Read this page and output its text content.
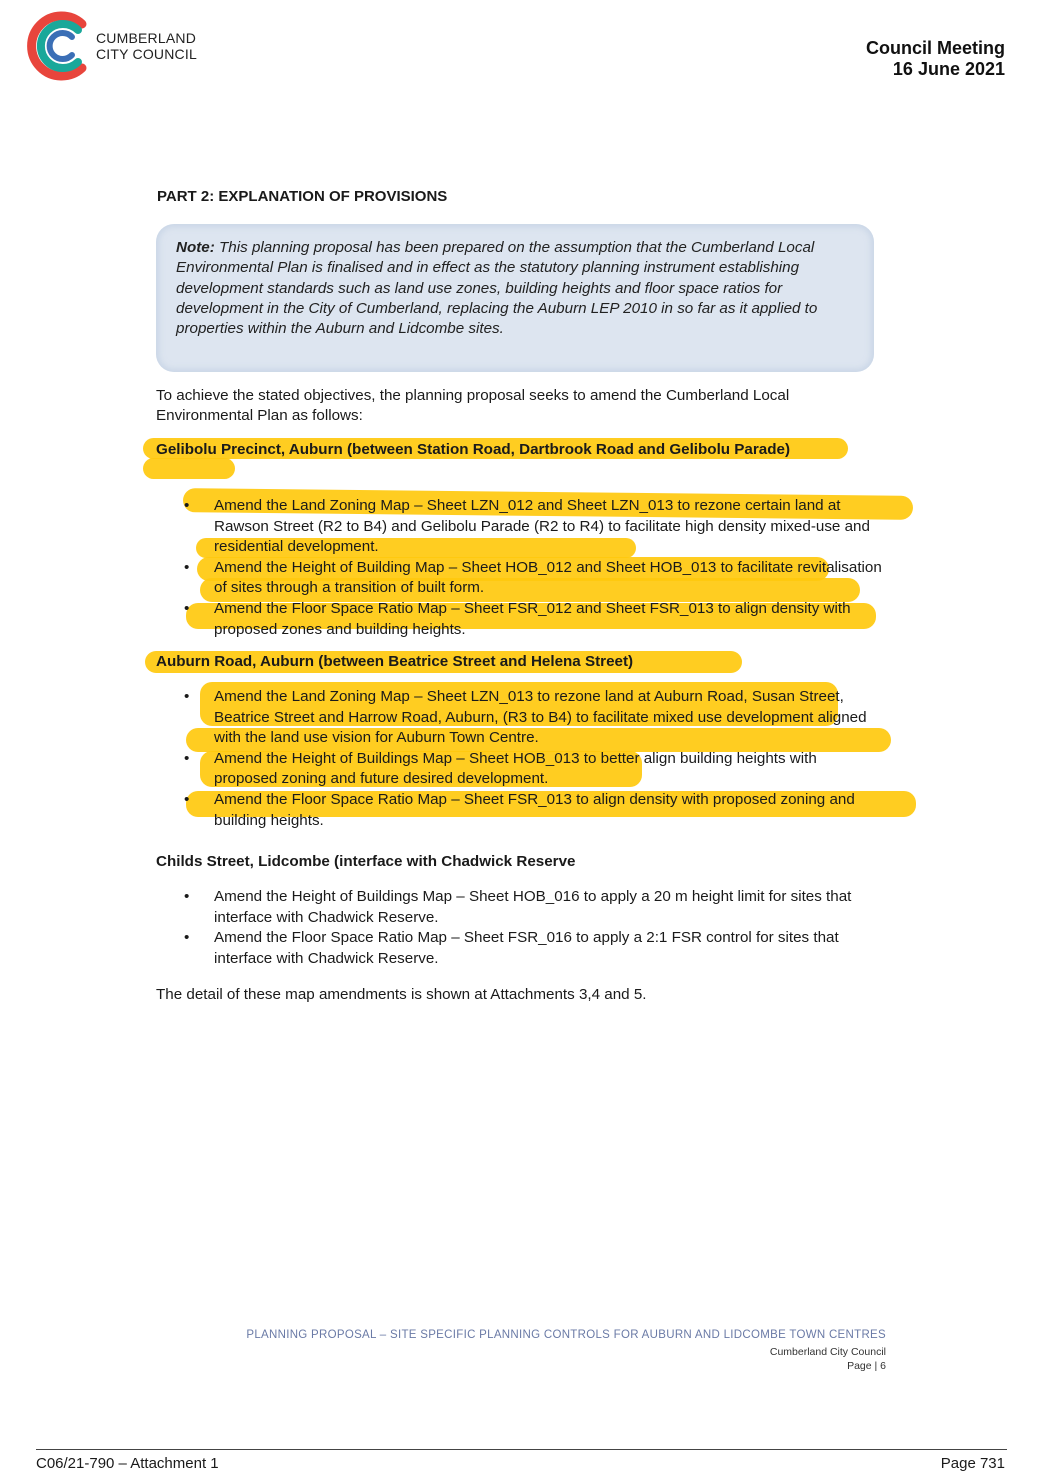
CUMBERLAND
CITY COUNCIL	Council Meeting
16 June 2021
PART 2: EXPLANATION OF PROVISIONS
Note: This planning proposal has been prepared on the assumption that the Cumberland Local Environmental Plan is finalised and in effect as the statutory planning instrument establishing development standards such as land use zones, building heights and floor space ratios for development in the City of Cumberland, replacing the Auburn LEP 2010 in so far as it applied to properties within the Auburn and Lidcombe sites.
To achieve the stated objectives, the planning proposal seeks to amend the Cumberland Local Environmental Plan as follows:
Gelibolu Precinct, Auburn (between Station Road, Dartbrook Road and Gelibolu Parade)
• Amend the Land Zoning Map – Sheet LZN_012 and Sheet LZN_013 to rezone certain land at Rawson Street (R2 to B4) and Gelibolu Parade (R2 to R4) to facilitate high density mixed-use and residential development.
• Amend the Height of Building Map – Sheet HOB_012 and Sheet HOB_013 to facilitate revitalisation of sites through a transition of built form.
• Amend the Floor Space Ratio Map – Sheet FSR_012 and Sheet FSR_013 to align density with proposed zones and building heights.
Auburn Road, Auburn (between Beatrice Street and Helena Street)
• Amend the Land Zoning Map – Sheet LZN_013 to rezone land at Auburn Road, Susan Street, Beatrice Street and Harrow Road, Auburn, (R3 to B4) to facilitate mixed use development aligned with the land use vision for Auburn Town Centre.
• Amend the Height of Buildings Map – Sheet HOB_013 to better align building heights with proposed zoning and future desired development.
• Amend the Floor Space Ratio Map – Sheet FSR_013 to align density with proposed zoning and building heights.
Childs Street, Lidcombe (interface with Chadwick Reserve
• Amend the Height of Buildings Map – Sheet HOB_016 to apply a 20 m height limit for sites that interface with Chadwick Reserve.
• Amend the Floor Space Ratio Map – Sheet FSR_016 to apply a 2:1 FSR control for sites that interface with Chadwick Reserve.
The detail of these map amendments is shown at Attachments 3,4 and 5.
PLANNING PROPOSAL – SITE SPECIFIC PLANNING CONTROLS FOR AUBURN AND LIDCOMBE TOWN CENTRES
Cumberland City Council
Page | 6
C06/21-790 – Attachment 1	Page 731
